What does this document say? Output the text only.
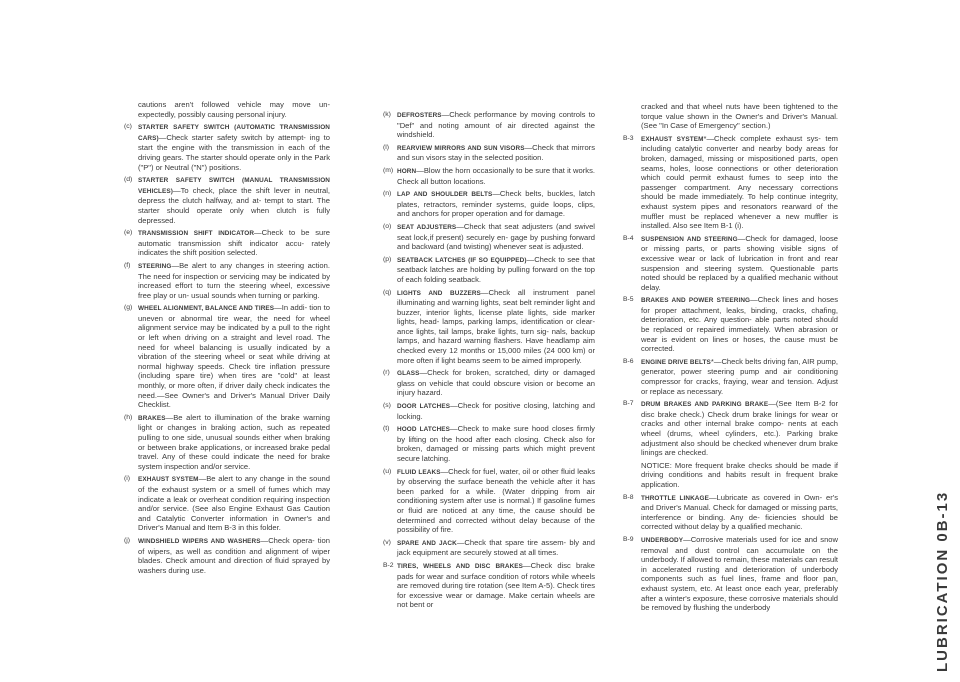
cautions aren't followed vehicle may move un- expectedly, possibly causing personal injury.

(c) STARTER SAFETY SWITCH (AUTOMATIC TRANSMISSION CARS)—Check starter safety switch by attempt- ing to start the engine with the transmission in each of the driving gears. The starter should operate only in the Park ("P") or Neutral ("N") positions.
(d) STARTER SAFETY SWITCH (MANUAL TRANSMISSION VEHICLES)—To check, place the shift lever in neutral, depress the clutch halfway, and at- tempt to start. The starter should operate only when clutch is fully depressed.
(e) TRANSMISSION SHIFT INDICATOR—Check to be sure automatic transmission shift indicator accu- rately indicates the shift position selected.
(f) STEERING—Be alert to any changes in steering action. The need for inspection or servicing may be indicated by increased effort to turn the steering wheel, excessive free play or un- usual sounds when turning or parking.
(g) WHEEL ALIGNMENT, BALANCE AND TIRES—In addi- tion to uneven or abnormal tire wear, the need for wheel alignment service may be indicated by a pull to the right or left when driving on a straight and level road. The need for wheel balancing is usually indicated by a vibration of the steering wheel or seat while driving at normal highway speeds. Check tire inflation pressure (including spare tire) when tires are "cold" at least monthly, or more often, if driver daily check indicates the need.—See Owner's and Driver's Manual Driver Daily Checklist.
(h) BRAKES—Be alert to illumination of the brake warning light or changes in braking action, such as repeated pulling to one side, unusual sounds either when braking or between brake applications, or increased brake pedal travel. Any of these could indicate the need for brake system inspection and/or service.
(i) EXHAUST SYSTEM—Be alert to any change in the sound of the exhaust system or a smell of fumes which may indicate a leak or overheat condition requiring inspection and/or service. (See also Engine Exhaust Gas Caution and Catalytic Converter information in Owner's and Driver's Manual and Item B-3 in this folder.
(j) WINDSHIELD WIPERS AND WASHERS—Check opera- tion of wipers, as well as condition and alignment of wiper blades. Check amount and direction of fluid sprayed by washers during use.
(k) DEFROSTERS—Check performance by moving controls to "Def" and noting amount of air directed against the windshield.
(l) REARVIEW MIRRORS AND SUN VISORS—Check that mirrors and sun visors stay in the selected position.
(m) HORN—Blow the horn occasionally to be sure that it works. Check all button locations.
(n) LAP AND SHOULDER BELTS—Check belts, buckles, latch plates, retractors, reminder systems, guide loops, clips, and anchors for proper operation and for damage.
(o) SEAT ADJUSTERS—Check that seat adjusters (and swivel seat lock,if present) securely en- gage by pushing forward and backward (and twisting) whenever seat is adjusted.
(p) SEATBACK LATCHES (IF SO EQUIPPED)—Check to see that seatback latches are holding by pulling forward on the top of each folding seatback.
(q) LIGHTS AND BUZZERS—Check all instrument panel illuminating and warning lights, seat belt reminder light and buzzer, interior lights, license plate lights, side marker lights, head- lamps, parking lamps, identification or clear- ance lights, tail lamps, brake lights, turn sig- nals, backup lamps, and hazard warning flashers. Have headlamp aim checked every 12 months or 15,000 miles (24 000 km) or more often if light beams seem to be aimed improperly.
(r) GLASS—Check for broken, scratched, dirty or damaged glass on vehicle that could obscure vision or become an injury hazard.
(s) DOOR LATCHES—Check for positive closing, latching and locking.
(t) HOOD LATCHES—Check to make sure hood closes firmly by lifting on the hood after each closing. Check also for broken, damaged or missing parts which might prevent secure latching.
(u) FLUID LEAKS—Check for fuel, water, oil or other fluid leaks by observing the surface beneath the vehicle after it has been parked for a while. (Water dripping from air conditioning system after use is normal.) If gasoline fumes or fluid are noticed at any time, the cause should be determined and corrected without delay because of the possibility of fire.
(v) SPARE AND JACK—Check that spare tire assem- bly and jack equipment are securely stowed at all times.
B-2 TIRES, WHEELS AND DISC BRAKES—Check disc brake pads for wear and surface condition of rotors while wheels are removed during tire rotation (see Item A-5). Check tires for excessive wear or damage. Make certain wheels are not bent or

cracked and that wheel nuts have been tightened to the torque value shown in the Owner's and Driver's Manual. (See "In Case of Emergency" section.)

B-3 EXHAUST SYSTEM*—Check complete exhaust sys- tem including catalytic converter and nearby body areas for broken, damaged, missing or mispositioned parts, open seams, holes, loose connections or other deterioration which could permit exhaust fumes to seep into the passenger compartment. Any necessary corrections should be made immediately. To help continue integrity, exhaust system pipes and resonators rearward of the muffler must be replaced whenever a new muffler is installed. Also see Item B-1 (i).
B-4 SUSPENSION AND STEERING—Check for damaged, loose or missing parts, or parts showing visible signs of excessive wear or lack of lubrication in front and rear suspension and steering system. Questionable parts noted should be replaced by a qualified mechanic without delay.
B-5 BRAKES AND POWER STEERING—Check lines and hoses for proper attachment, leaks, binding, cracks, chafing, deterioration, etc. Any question- able parts noted should be replaced or repaired immediately. When abrasion or wear is evident on lines or hoses, the cause must be corrected.
B-6 ENGINE DRIVE BELTS*—Check belts driving fan, AIR pump, generator, power steering pump and air conditioning compressor for cracks, fraying, wear and tension. Adjust or replace as necessary.
B-7 DRUM BRAKES AND PARKING BRAKE—(See Item B-2 for disc brake check.) Check drum brake linings for wear or cracks and other internal brake compo- nents at each wheel (drums, wheel cylinders, etc.). Parking brake adjustment also should be checked whenever drum brake linings are checked.
NOTICE: More frequent brake checks should be made if driving conditions and habits result in frequent brake application.
B-8 THROTTLE LINKAGE—Lubricate as covered in Own- er's and Driver's Manual. Check for damaged or missing parts, interference or binding. Any de- ficiencies should be corrected without delay by a qualified mechanic.
B-9 UNDERBODY—Corrosive materials used for ice and snow removal and dust control can accumulate on the underbody. If allowed to remain, these materials can result in accelerated rusting and deterioration of underbody components such as fuel lines, frame and floor pan, exhaust system, etc. At least once each year, preferably after a winter's exposure, these corrosive materials should be removed by flushing the underbody	LUBRICATION 0B-13
